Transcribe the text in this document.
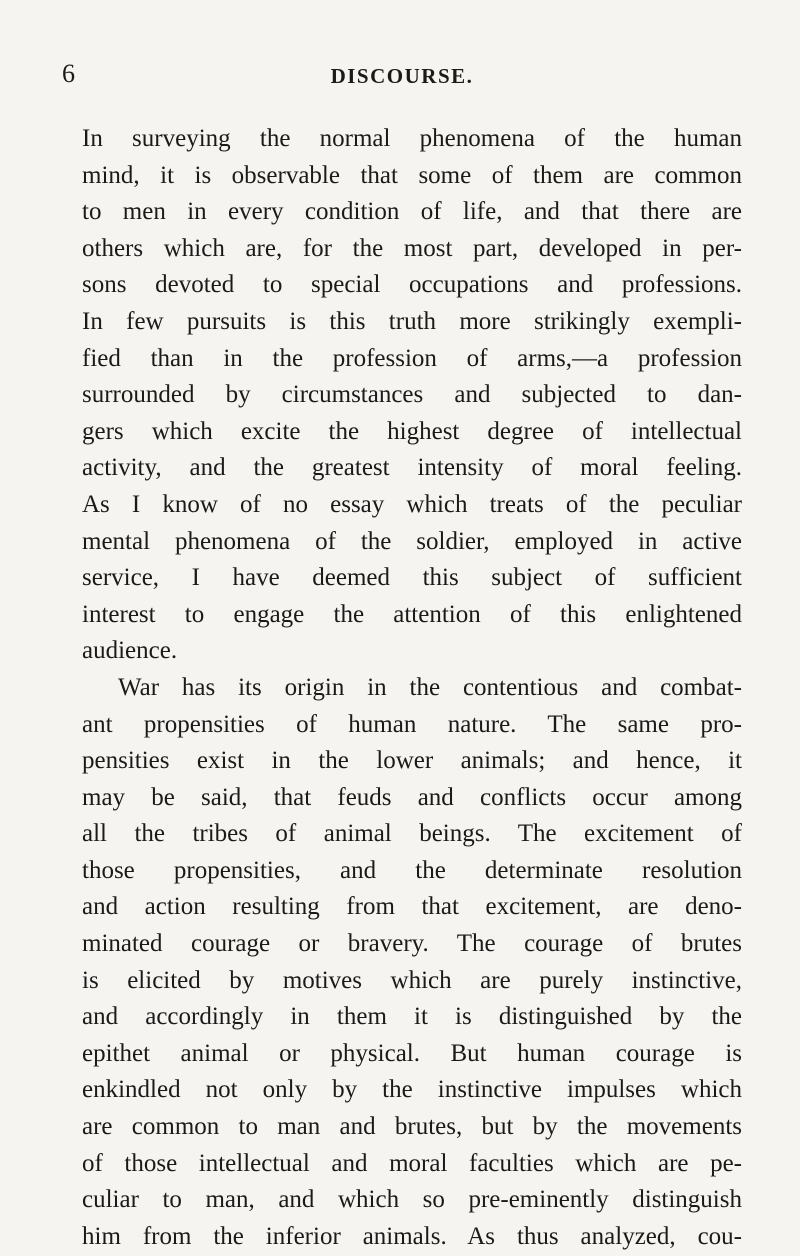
6	DISCOURSE.
In surveying the normal phenomena of the human
mind, it is observable that some of them are common
to men in every condition of life, and that there are
others which are, for the most part, developed in per-
sons devoted to special occupations and professions.
In few pursuits is this truth more strikingly exempli-
fied than in the profession of arms,—a profession
surrounded by circumstances and subjected to dan-
gers which excite the highest degree of intellectual
activity, and the greatest intensity of moral feeling.
As I know of no essay which treats of the peculiar
mental phenomena of the soldier, employed in active
service, I have deemed this subject of sufficient
interest to engage the attention of this enlightened
audience.
War has its origin in the contentious and combat-
ant propensities of human nature. The same pro-
pensities exist in the lower animals; and hence, it
may be said, that feuds and conflicts occur among
all the tribes of animal beings. The excitement of
those propensities, and the determinate resolution
and action resulting from that excitement, are deno-
minated courage or bravery. The courage of brutes
is elicited by motives which are purely instinctive,
and accordingly in them it is distinguished by the
epithet animal or physical. But human courage is
enkindled not only by the instinctive impulses which
are common to man and brutes, but by the movements
of those intellectual and moral faculties which are pe-
culiar to man, and which so pre-eminently distinguish
him from the inferior animals. As thus analyzed, cou-
